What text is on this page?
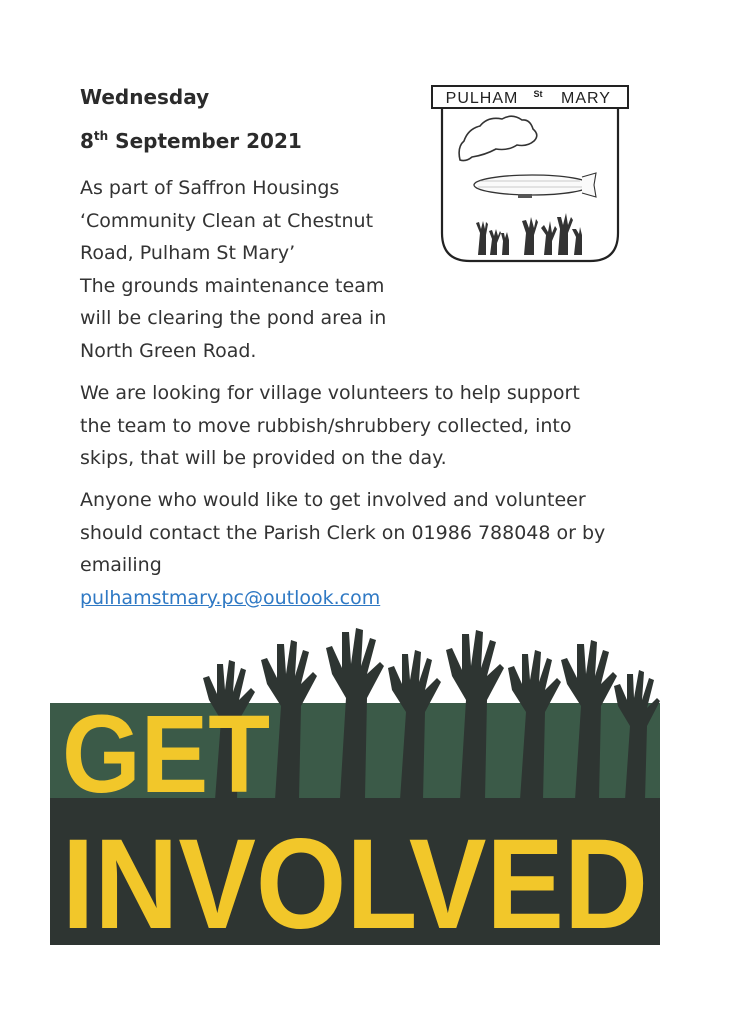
Wednesday
8th September 2021

As part of Saffron Housings
‘Community Clean at Chestnut
Road, Pulham St Mary’
The grounds maintenance team
will be clearing the pond area in
North Green Road.

We are looking for village volunteers to help support
the team to move rubbish/shrubbery collected, into
skips, that will be provided on the day.

Anyone who would like to get involved and volunteer
should contact the Parish Clerk on 01986 788048 or by
emailing
pulhamstmary.pc@outlook.com

PULHAM St MARY
GET
INVOLVED
